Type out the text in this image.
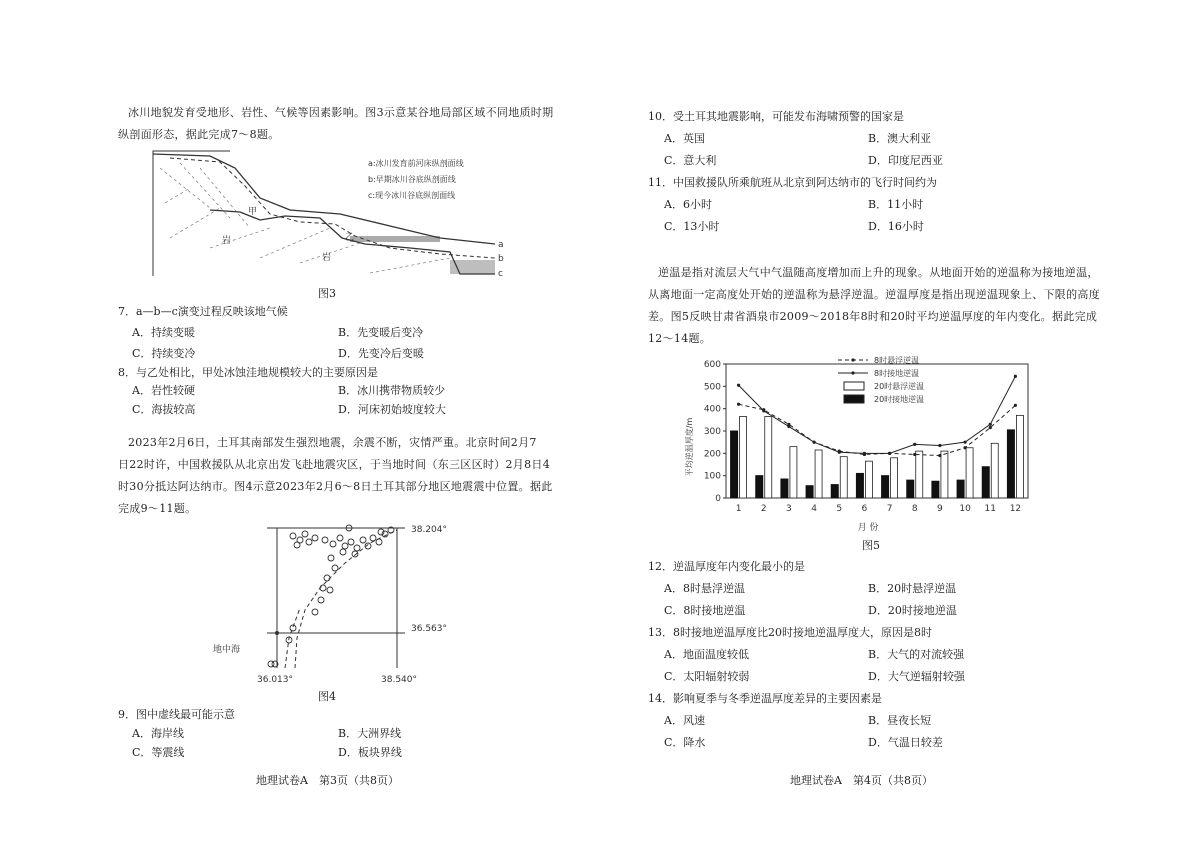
冰川地貌发育受地形、岩性、气候等因素影响。图3示意某谷地局部区域不同地质时期
纵剖面形态，据此完成7～8题。
甲
乙
岩
岩
a
b
c
a:冰川发育前河床纵剖面线
b:早期冰川谷底纵剖面线
c:现今冰川谷底纵剖面线
图3
7．a—b—c演变过程反映该地气候
A．持续变暖	B．先变暖后变冷
C．持续变冷	D．先变冷后变暖
8．与乙处相比，甲处冰蚀洼地规模较大的主要原因是
A．岩性较硬	B．冰川携带物质较少
C．海拔较高	D．河床初始坡度较大
2023年2月6日，土耳其南部发生强烈地震，余震不断，灾情严重。北京时间2月7
日22时许，中国救援队从北京出发飞赴地震灾区，于当地时间（东三区区时）2月8日4
时30分抵达阿达纳市。图4示意2023年2月6～8日土耳其部分地区地震震中位置。据此
完成9～11题。
38.204°
36.563°
36.013°	38.540°
地中海
图4
9．图中虚线最可能示意
A．海岸线	B．大洲界线
C．等震线	D．板块界线
地理试卷A　第3页（共8页）
10．受土耳其地震影响，可能发布海啸预警的国家是
A．英国	B．澳大利亚
C．意大利	D．印度尼西亚
11．中国救援队所乘航班从北京到阿达纳市的飞行时间约为
A．6小时	B．11小时
C．13小时	D．16小时
逆温是指对流层大气中气温随高度增加而上升的现象。从地面开始的逆温称为接地逆温，
从离地面一定高度处开始的逆温称为悬浮逆温。逆温厚度是指出现逆温现象上、下限的高度
差。图5反映甘肃省酒泉市2009～2018年8时和20时平均逆温厚度的年内变化。据此完成
12～14题。
0
100
200
300
400
500
600
1 2 3 4 5 6 7 8 9 10 11 12
8时悬浮逆温
8时接地逆温
20时悬浮逆温
20时接地逆温
平均逆温厚度/m
月 份
图5
12．逆温厚度年内变化最小的是
A．8时悬浮逆温	B．20时悬浮逆温
C．8时接地逆温	D．20时接地逆温
13．8时接地逆温厚度比20时接地逆温厚度大，原因是8时
A．地面温度较低	B．大气的对流较强
C．太阳辐射较弱	D．大气逆辐射较强
14．影响夏季与冬季逆温厚度差异的主要因素是
A．风速	B．昼夜长短
C．降水	D．气温日较差
地理试卷A　第4页（共8页）
